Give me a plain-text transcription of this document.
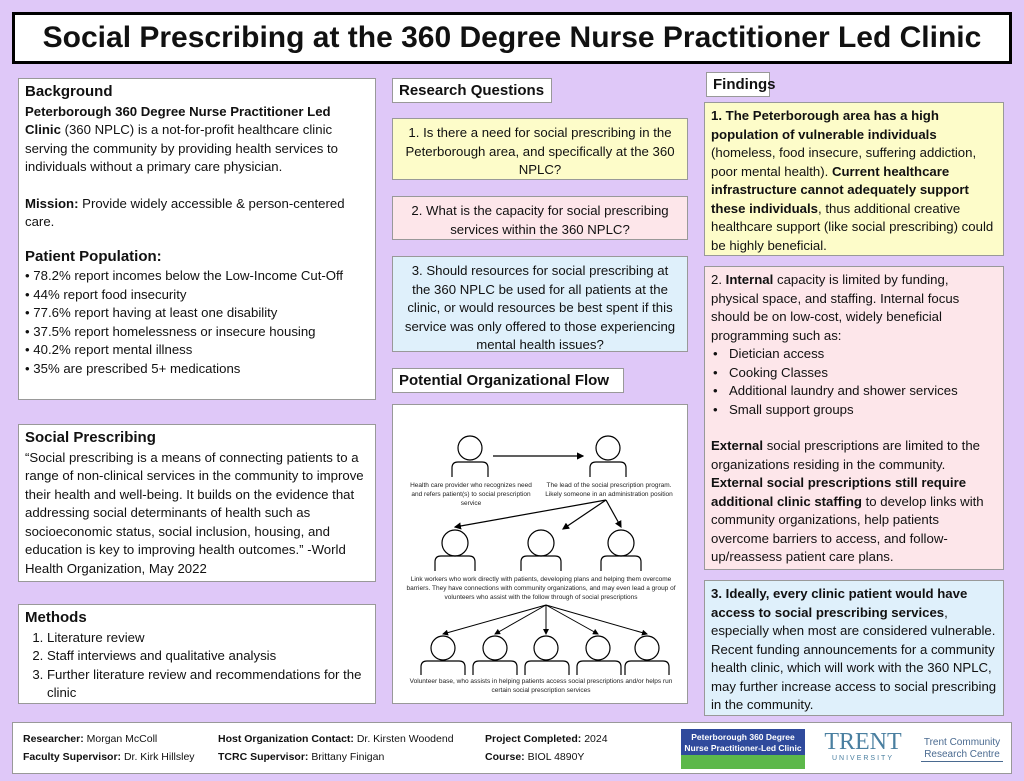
Social Prescribing at the 360 Degree Nurse Practitioner Led Clinic
Background

Peterborough 360 Degree Nurse Practitioner Led Clinic (360 NPLC) is a not-for-profit healthcare clinic serving the community by providing health services to individuals without a primary care physician.

Mission: Provide widely accessible & person-centered care.

Patient Population:
• 78.2% report incomes below the Low-Income Cut-Off
• 44% report food insecurity
• 77.6% report having at least one disability
• 37.5% report homelessness or insecure housing
• 40.2% report mental illness
• 35% are prescribed 5+ medications
Social Prescribing

“Social prescribing is a means of connecting patients to a range of non-clinical services in the community to improve their health and well-being. It builds on the evidence that addressing social determinants of health such as socioeconomic status, social inclusion, housing, and education is key to improving health outcomes.” -World Health Organization, May 2022

Methods
1. Literature review
2. Staff interviews and qualitative analysis
3. Further literature review and recommendations for the clinic
Research Questions
1. Is there a need for social prescribing in the Peterborough area, and specifically at the 360 NPLC?
2. What is the capacity for social prescribing services within the 360 NPLC?
3. Should resources for social prescribing at the 360 NPLC be used for all patients at the clinic, or would resources be best spent if this service was only offered to those experiencing mental health issues?
Potential Organizational Flow
Health care provider who recognizes need and refers patient(s) to social prescription service
The lead of the social prescription program. Likely someone in an administration position
Link workers who work directly with patients, developing plans and helping them overcome barriers. They have connections with community organizations, and may even lead a group of volunteers who assist with the follow through of social prescriptions
Volunteer base, who assists in helping patients access social prescriptions and/or helps run certain social prescription services
Findings
1. The Peterborough area has a high population of vulnerable individuals (homeless, food insecure, suffering addiction, poor mental health). Current healthcare infrastructure cannot adequately support these individuals, thus additional creative healthcare support (like social prescribing) could be highly beneficial.

2. Internal capacity is limited by funding, physical space, and staffing. Internal focus should be on low-cost, widely beneficial programming such as:

• Dietician access
• Cooking Classes
• Additional laundry and shower services
• Small support groups

External social prescriptions are limited to the organizations residing in the community. External social prescriptions still require additional clinic staffing to develop links with community organizations, help patients overcome barriers to access, and follow-up/reassess patient care plans.

3. Ideally, every clinic patient would have access to social prescribing services, especially when most are considered vulnerable. Recent funding announcements for a community health clinic, which will work with the 360 NPLC, may further increase access to social prescribing in the community.
Researcher: Morgan McColl
Faculty Supervisor: Dr. Kirk Hillsley
Host Organization Contact: Dr. Kirsten Woodend
TCRC Supervisor: Brittany Finigan
Project Completed: 2024
Course: BIOL 4890Y
Peterborough 360 Degree Nurse Practitioner-Led Clinic TRENT
UNIVERSITY
Trent Community Research Centre
